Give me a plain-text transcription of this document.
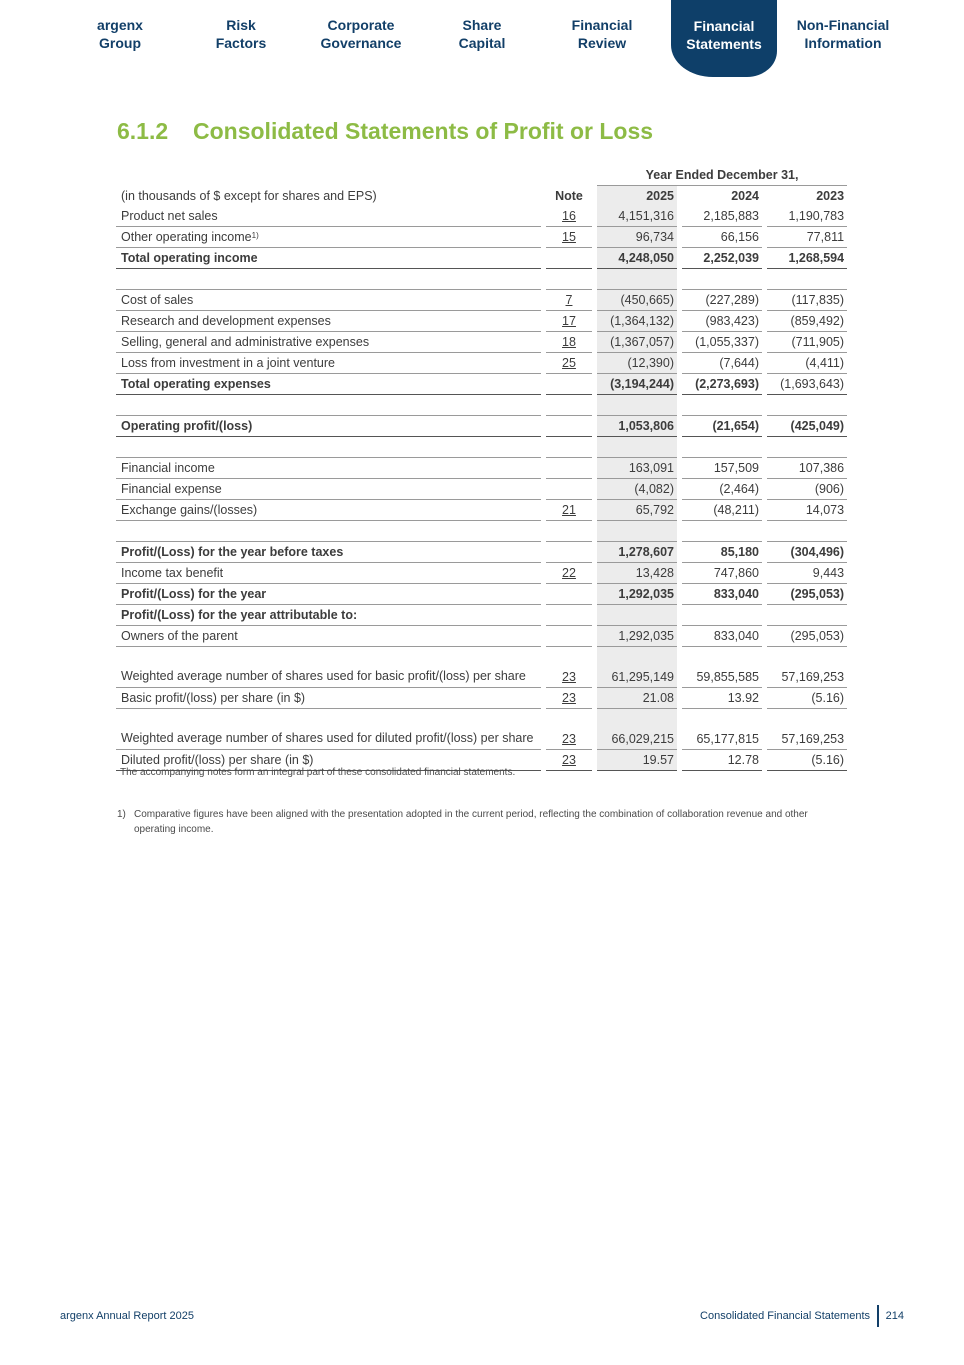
argenx
Group
Risk
Factors
Corporate
Governance
Share
Capital
Financial
Review
Financial
Statements
Non-Financial
Information
6.1.2 Consolidated Statements of Profit or Loss
				Year Ended December 31,				
(in thousands of $ except for shares and EPS)		Note		2025		2024		2023
Product net sales		16		4,151,316		2,185,883		1,190,783
Other operating income$^{1)}$		15		96,734		66,156		77,811
Total operating income				4,248,050		2,252,039		1,268,594

Cost of sales		7		(450,665)		(227,289)		(117,835)
Research and development expenses		17		(1,364,132)		(983,423)		(859,492)
Selling, general and administrative expenses		18		(1,367,057)		(1,055,337)		(711,905)
Loss from investment in a joint venture		25		(12,390)		(7,644)		(4,411)
Total operating expenses				(3,194,244)		(2,273,693)		(1,693,643)

Operating profit/(loss)				1,053,806		(21,654)		(425,049)

Financial income				163,091		157,509		107,386
Financial expense				(4,082)		(2,464)		(906)
Exchange gains/(losses)		21		65,792		(48,211)		14,073

Profit/(Loss) for the year before taxes				1,278,607		85,180		(304,496)
Income tax benefit		22		13,428		747,860		9,443
Profit/(Loss) for the year				1,292,035		833,040		(295,053)
Profit/(Loss) for the year attributable to:								
Owners of the parent				1,292,035		833,040		(295,053)
Weighted average number of shares used for basic profit/(loss) per share		23		61,295,149		59,855,585		57,169,253
Basic profit/(loss) per share (in $)		23		21.08		13.92		(5.16)
Weighted average number of shares used for diluted profit/(loss) per share		23		66,029,215		65,177,815		57,169,253
Diluted profit/(loss) per share (in $)		23		19.57		12.78		(5.16)
The accompanying notes form an integral part of these consolidated financial statements.
1) Comparative figures have been aligned with the presentation adopted in the current period, reflecting the combination of collaboration revenue and other operating income.
argenx Annual Report 2025	Consolidated Financial Statements 214
